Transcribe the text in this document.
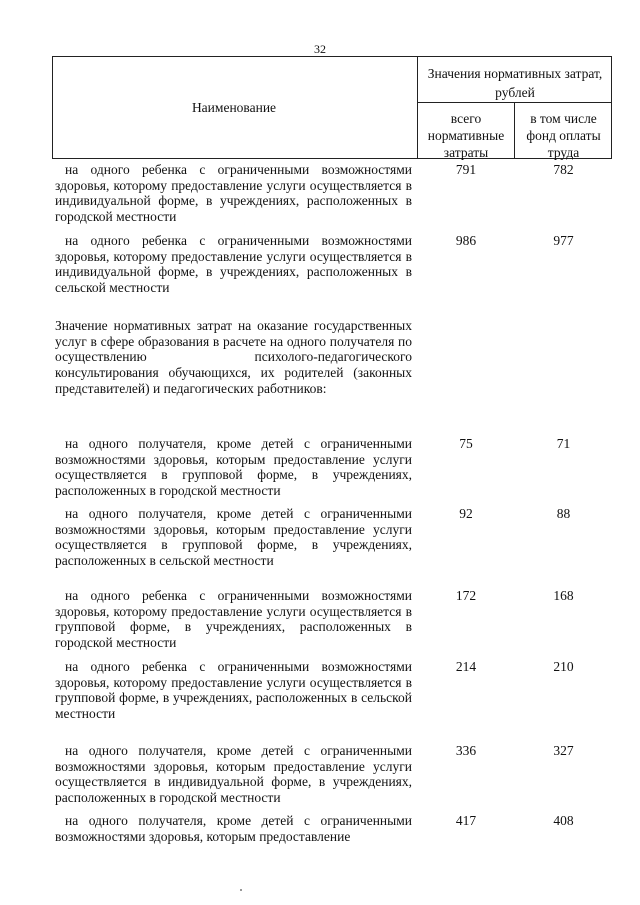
32
Наименование
Значения нормативных затрат, рублей
всего нормативные затраты
в том числе фонд оплаты труда
на одного ребенка с ограниченными возможностями здоровья, которому предоставление услуги осуществляется в индивидуальной форме, в учреждениях, расположенных в городской местности
791	782
на одного ребенка с ограниченными возможностями здоровья, которому предоставление услуги осуществляется в индивидуальной форме, в учреждениях, расположенных в сельской местности
986	977
Значение нормативных затрат на оказание государственных услуг в сфере образования в расчете на одного получателя по осуществлению психолого-педагогического консультирования обучающихся, их родителей (законных представителей) и педагогических работников:
на одного получателя, кроме детей с ограниченными возможностями здоровья, которым предоставление услуги осуществляется в групповой форме, в учреждениях, расположенных в городской местности
75	71
на одного получателя, кроме детей с ограниченными возможностями здоровья, которым предоставление услуги осуществляется в групповой форме, в учреждениях, расположенных в сельской местности
92	88
на одного ребенка с ограниченными возможностями здоровья, которому предоставление услуги осуществляется в групповой форме, в учреждениях, расположенных в городской местности
172	168
на одного ребенка с ограниченными возможностями здоровья, которому предоставление услуги осуществляется в групповой форме, в учреждениях, расположенных в сельской местности
214	210
на одного получателя, кроме детей с ограниченными возможностями здоровья, которым предоставление услуги осуществляется в индивидуальной форме, в учреждениях, расположенных в городской местности
336	327
на одного получателя, кроме детей с ограниченными возможностями здоровья, которым предоставление
417	408
